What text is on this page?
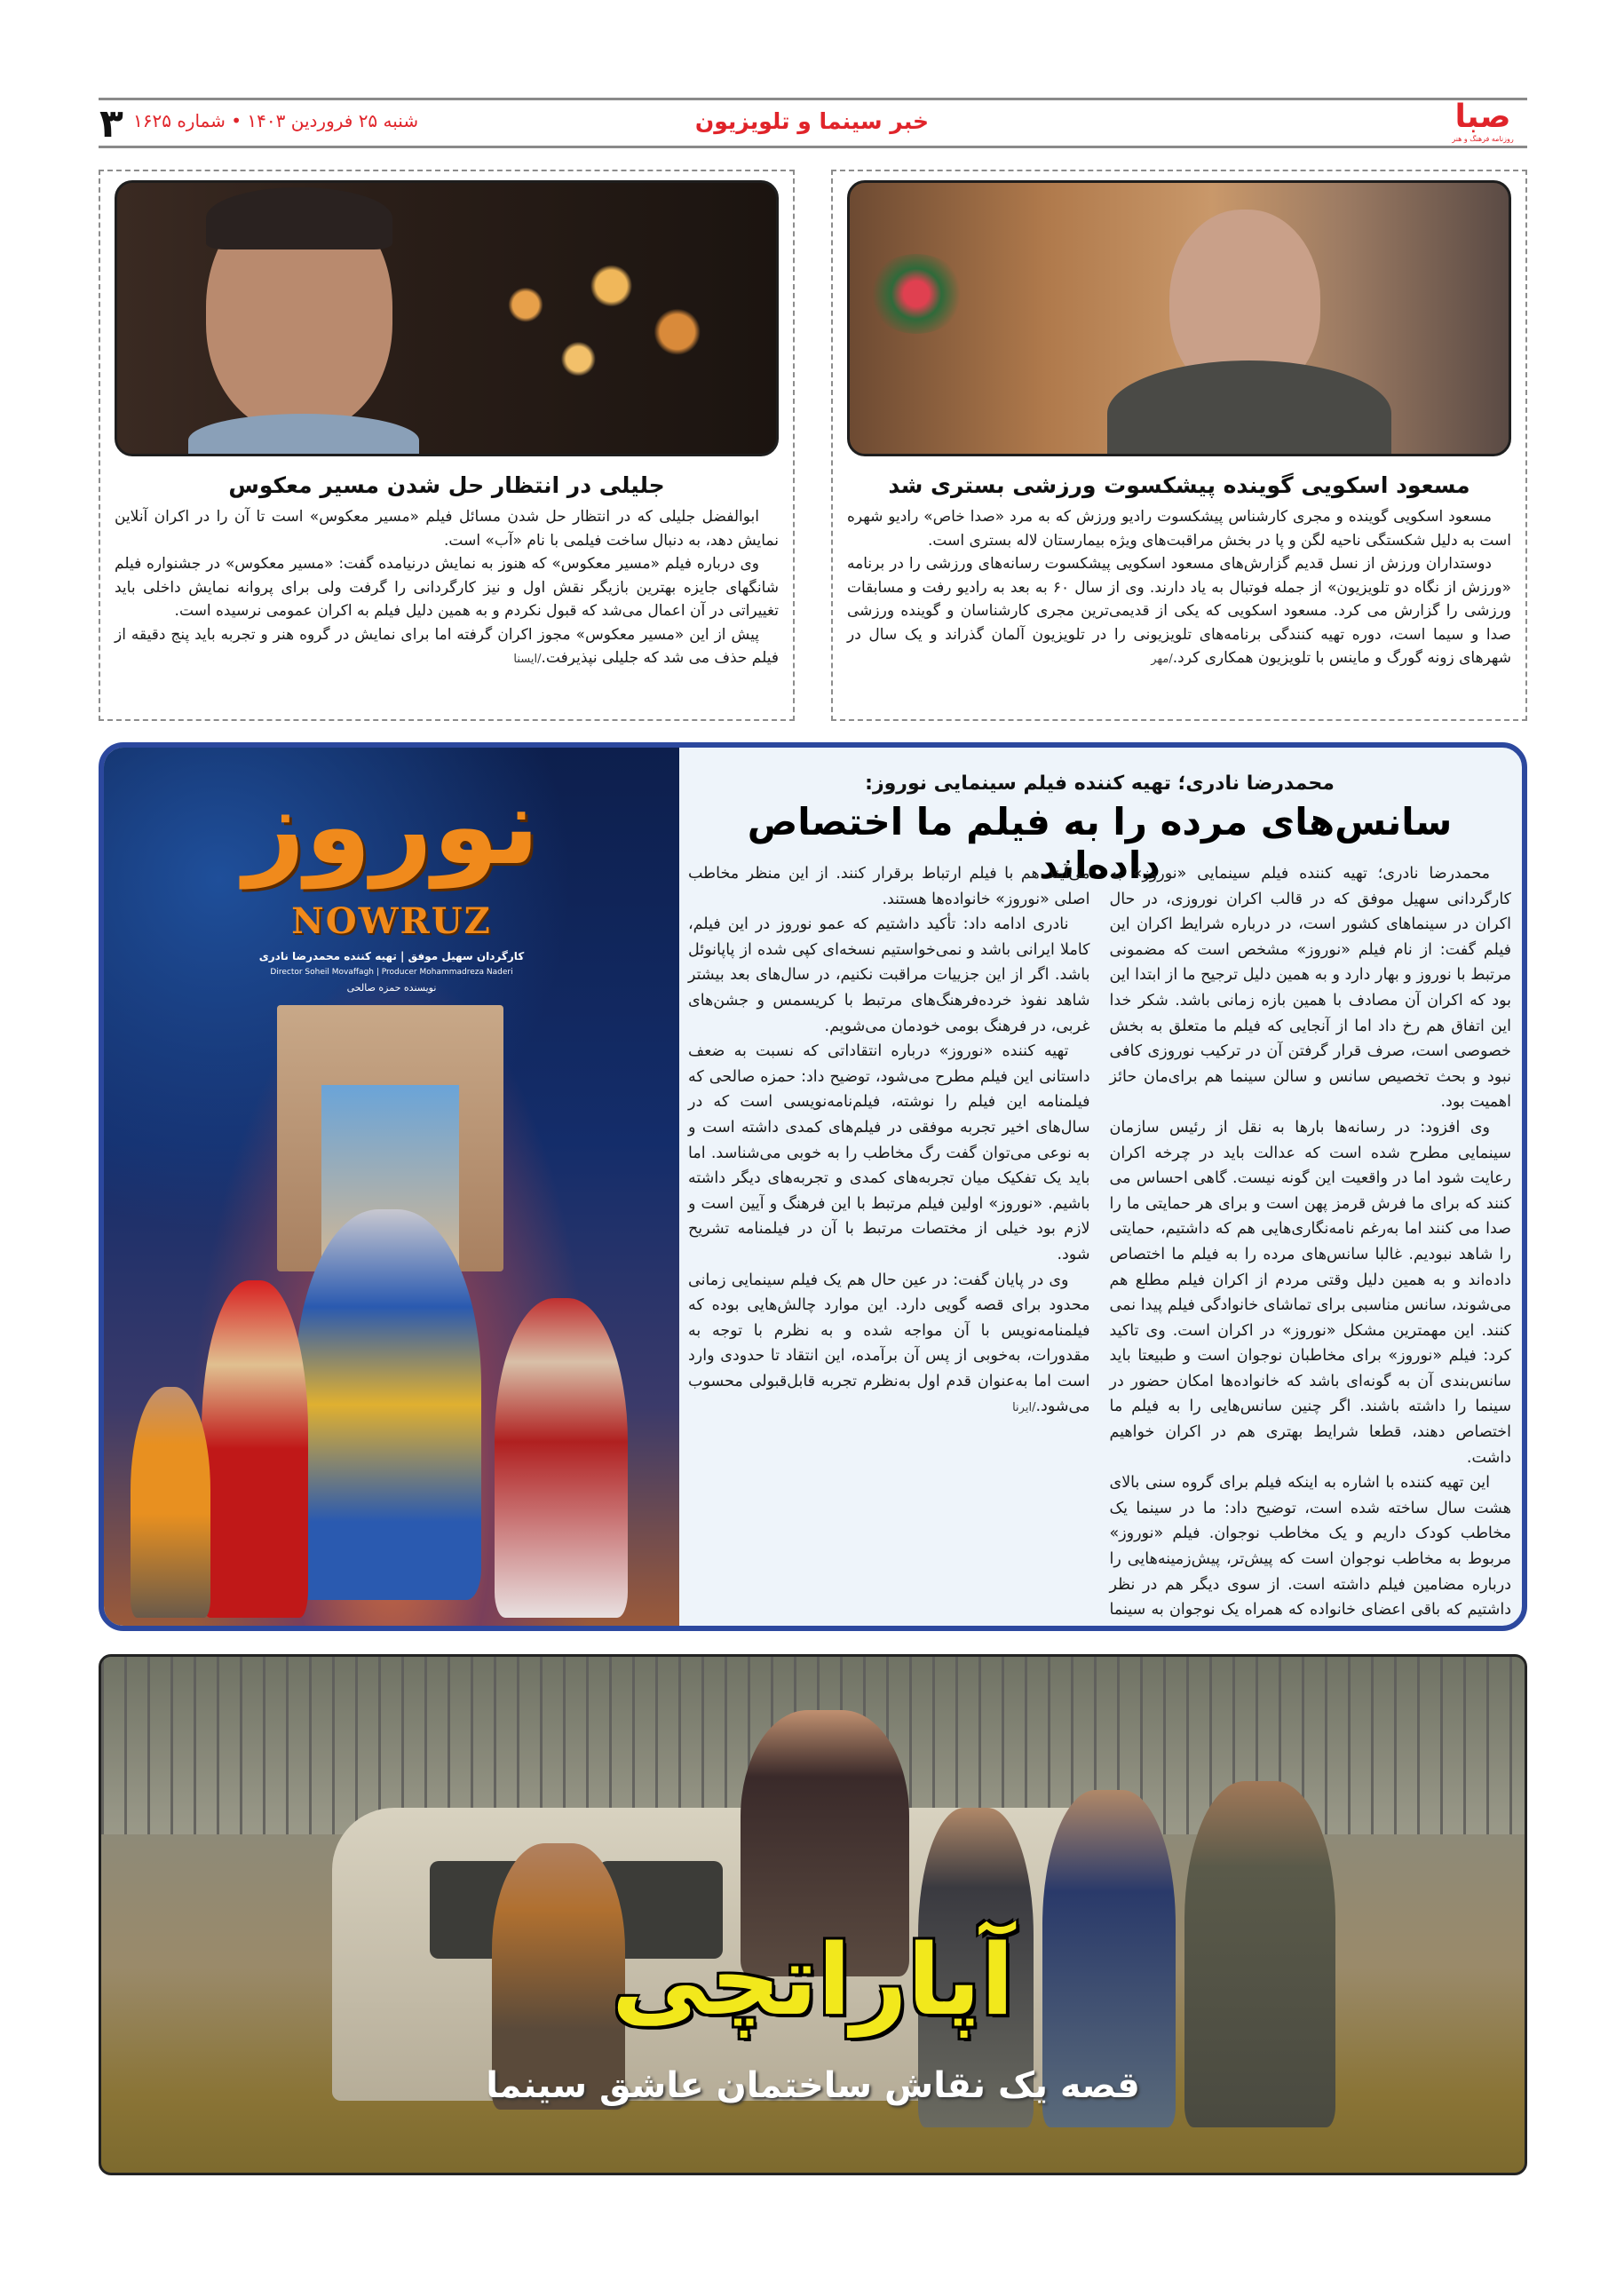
۳ شنبه ۲۵ فروردین ۱۴۰۳ • شماره ۱۶۲۵	خبر سینما و تلویزیون	صبا
روزنامه فرهنگ و هنر
مسعود اسکویی گوینده پیشکسوت ورزشی بستری شد

مسعود اسکویی گوینده و مجری کارشناس پیشکسوت رادیو ورزش که به مرد «صدا خاص» رادیو شهره است به دلیل شکستگی ناحیه لگن و پا در بخش مراقبت‌های ویژه بیمارستان لاله بستری است.

دوستداران ورزش از نسل قدیم گزارش‌های مسعود اسکویی پیشکسوت رسانه‌های ورزشی را در برنامه «ورزش از نگاه دو تلویزیون» از جمله فوتبال به یاد دارند. وی از سال ۶۰ به بعد به رادیو رفت و مسابقات ورزشی را گزارش می کرد. مسعود اسکویی که یکی از قدیمی‌ترین مجری کارشناسان و گوینده ورزشی صدا و سیما است، دوره تهیه کنندگی برنامه‌های تلویزیونی را در تلویزیون آلمان گذراند و یک سال در شهرهای زونه گورگ و ماینس با تلویزیون همکاری کرد./مهر

جلیلی در انتظار حل شدن مسیر معکوس

ابوالفضل جلیلی که در انتظار حل شدن مسائل فیلم «مسیر معکوس» است تا آن را در اکران آنلاین نمایش دهد، به دنبال ساخت فیلمی با نام «آب» است.

وی درباره فیلم «مسیر معکوس» که هنوز به نمایش درنیامده گفت: «مسیر معکوس» در جشنواره فیلم شانگهای جایزه بهترین بازیگر نقش اول و نیز کارگردانی را گرفت ولی برای پروانه نمایش داخلی باید تغییراتی در آن اعمال می‌شد که قبول نکردم و به همین دلیل فیلم به اکران عمومی نرسیده است.

پیش از این «مسیر معکوس» مجوز اکران گرفته اما برای نمایش در گروه هنر و تجربه باید پنج دقیقه از فیلم حذف می شد که جلیلی نپذیرفت./ایسنا

نوروز
NOWRUZ
کارگردان سهیل موفق | تهیه کننده محمدرضا نادری
Director Soheil Movaffagh | Producer Mohammadreza Naderi
نویسنده حمزه صالحی
محمدرضا نادری؛ تهیه کننده فیلم سینمایی نوروز:
سانس‌های مرده را به فیلم ما اختصاص داده‌اند

محمدرضا نادری؛ تهیه کننده فیلم سینمایی «نوروز» به کارگردانی سهیل موفق که در قالب اکران نوروزی، در حال اکران در سینماهای کشور است، در درباره شرایط اکران این فیلم گفت: از نام فیلم «نوروز» مشخص است که مضمونی مرتبط با نوروز و بهار دارد و به همین دلیل ترجیح ما از ابتدا این بود که اکران آن مصادف با همین بازه زمانی باشد. شکر خدا این اتفاق هم رخ داد اما از آنجایی که فیلم ما متعلق به بخش خصوصی است، صرف قرار گرفتن آن در ترکیب نوروزی کافی نبود و بحث تخصیص سانس و سالن سینما هم برای‌مان حائز اهمیت بود.

وی افزود: در رسانه‌ها بارها به نقل از رئیس سازمان سینمایی مطرح شده است که عدالت باید در چرخه اکران رعایت شود اما در واقعیت این گونه نیست. گاهی احساس می کنند که برای ما فرش قرمز پهن است و برای هر حمایتی ما را صدا می کنند اما به‌رغم نامه‌نگاری‌هایی هم که داشتیم، حمایتی را شاهد نبودیم. غالبا سانس‌های مرده را به فیلم ما اختصاص داده‌اند و به همین دلیل وقتی مردم از اکران فیلم مطلع هم می‌شوند، سانس مناسبی برای تماشای خانوادگی فیلم پیدا نمی کنند. این مهمترین مشکل «نوروز» در اکران است. وی تاکید کرد: فیلم «نوروز» برای مخاطبان نوجوان است و طبیعتا باید سانس‌بندی آن به گونه‌ای باشد که خانواده‌ها امکان حضور در سینما را داشته باشند. اگر چنین سانس‌هایی را به فیلم ما اختصاص دهند، قطعا شرایط بهتری هم در اکران خواهیم داشت.

این تهیه کننده با اشاره به اینکه فیلم برای گروه سنی بالای هشت سال ساخته شده است، توضیح داد: ما در سینما یک مخاطب کودک داریم و یک مخاطب نوجوان. فیلم «نوروز» مربوط به مخاطب نوجوان است که پیش‌تر، پیش‌زمینه‌هایی را درباره مضامین فیلم داشته است. از سوی دیگر هم در نظر داشتیم که باقی اعضای خانواده که همراه یک نوجوان به سینما می‌آیند هم با فیلم ارتباط برقرار کنند. از این منظر مخاطب اصلی «نوروز» خانواده‌ها هستند.

نادری ادامه داد: تأکید داشتیم که عمو نوروز در این فیلم، کاملا ایرانی باشد و نمی‌خواستیم نسخه‌ای کپی شده از پاپانوئل باشد. اگر از این جزییات مراقبت نکنیم، در سال‌های بعد بیشتر شاهد نفوذ خرده‌فرهنگ‌های مرتبط با کریسمس و جشن‌های غربی، در فرهنگ بومی خودمان می‌شویم.

تهیه کننده «نوروز» درباره انتقاداتی که نسبت به ضعف داستانی این فیلم مطرح می‌شود، توضیح داد: حمزه صالحی که فیلمنامه این فیلم را نوشته، فیلم‌نامه‌نویسی است که در سال‌های اخیر تجربه موفقی در فیلم‌های کمدی داشته است و به نوعی می‌توان گفت رگ مخاطب را به خوبی می‌شناسد. اما باید یک تفکیک میان تجربه‌های کمدی و تجربه‌های دیگر داشته باشیم. «نوروز» اولین فیلم مرتبط با این فرهنگ و آیین است و لازم بود خیلی از مختصات مرتبط با آن در فیلمنامه تشریح شود.

وی در پایان گفت: در عین حال هم یک فیلم سینمایی زمانی محدود برای قصه گویی دارد. این موارد چالش‌هایی بوده که فیلمنامه‌نویس با آن مواجه شده و به نظرم با توجه به مقدورات، به‌خوبی از پس آن برآمده، این انتقاد تا حدودی وارد است اما به‌عنوان قدم اول به‌نظرم تجربه قابل‌قبولی محسوب می‌شود./ایرنا

آپاراتچی
قصه یک نقاش ساختمان عاشق سینما
